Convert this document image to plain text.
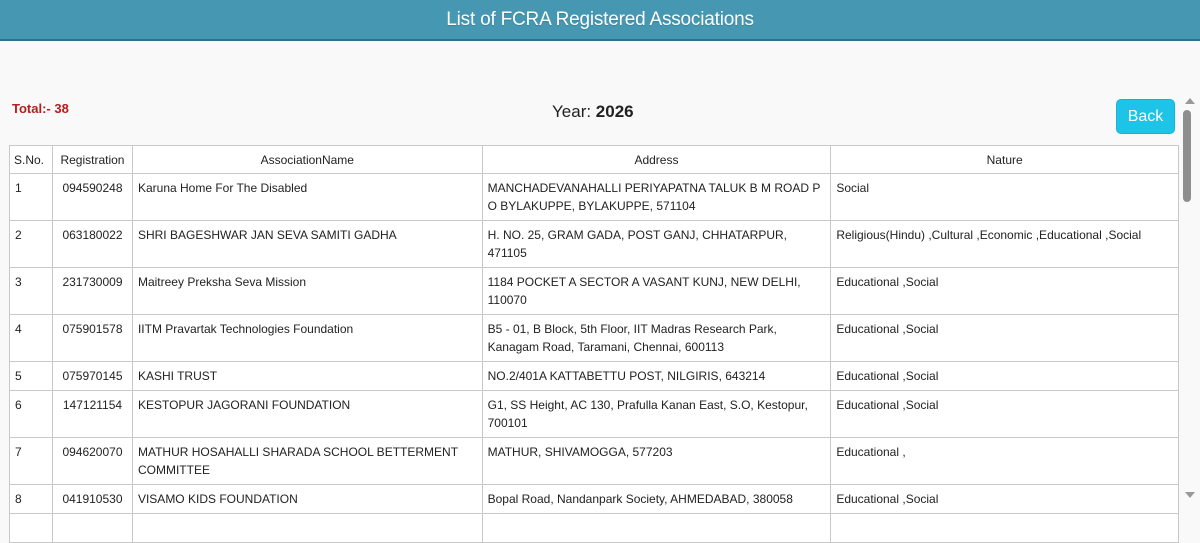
List of FCRA Registered Associations
Total:- 38	Year: 2026	Back
S.No.	Registration	AssociationName	Address	Nature
1	094590248	Karuna Home For The Disabled	MANCHADEVANAHALLI PERIYAPATNA TALUK B M ROAD P O BYLAKUPPE, BYLAKUPPE, 571104	Social
2	063180022	SHRI BAGESHWAR JAN SEVA SAMITI GADHA	H. NO. 25, GRAM GADA, POST GANJ, CHHATARPUR, 471105	Religious(Hindu) ,Cultural ,Economic ,Educational ,Social
3	231730009	Maitreey Preksha Seva Mission	1184 POCKET A SECTOR A VASANT KUNJ, NEW DELHI, 110070	Educational ,Social
4	075901578	IITM Pravartak Technologies Foundation	B5 - 01, B Block, 5th Floor, IIT Madras Research Park, Kanagam Road, Taramani, Chennai, 600113	Educational ,Social
5	075970145	KASHI TRUST	NO.2/401A KATTABETTU POST, NILGIRIS, 643214	Educational ,Social
6	147121154	KESTOPUR JAGORANI FOUNDATION	G1, SS Height, AC 130, Prafulla Kanan East, S.O, Kestopur, 700101	Educational ,Social
7	094620070	MATHUR HOSAHALLI SHARADA SCHOOL BETTERMENT COMMITTEE	MATHUR, SHIVAMOGGA, 577203	Educational ,
8	041910530	VISAMO KIDS FOUNDATION	Bopal Road, Nandanpark Society, AHMEDABAD, 380058	Educational ,Social
